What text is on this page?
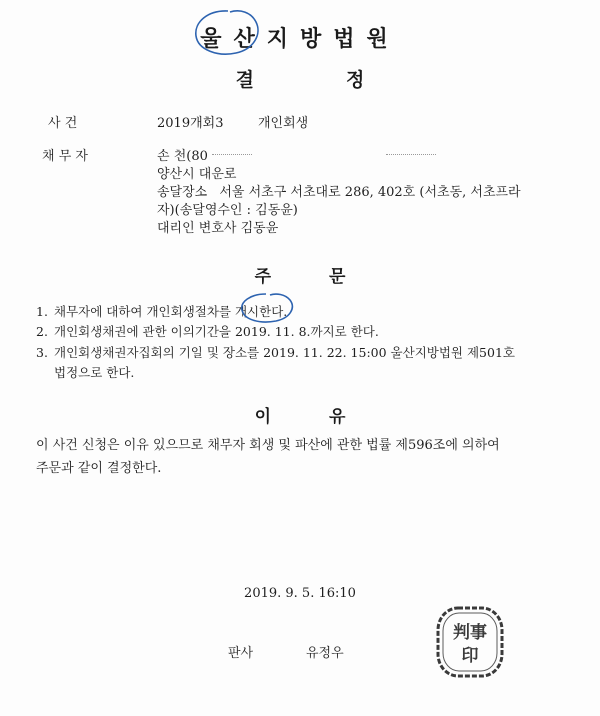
울산지방법원
결	정
사 건	2019개회3	개인회생
채 무 자	손 천(80
양산시 대운로
송달장소 서울 서초구 서초대로 286, 402호 (서초동, 서초프라
자)(송달영수인 : 김동윤)
대리인 변호사 김동윤
주	문
1. 채무자에 대하여 개인회생절차를 개시한다.
2. 개인회생채권에 관한 이의기간을 2019. 11. 8.까지로 한다.
3. 개인회생채권자집회의 기일 및 장소를 2019. 11. 22. 15:00 울산지방법원 제501호
법정으로 한다.
이	유
이 사건 신청은 이유 있으므로 채무자 회생 및 파산에 관한 법률 제596조에 의하여
주문과 같이 결정한다.
2019. 9. 5. 16:10
판사	유정우
判事
印
